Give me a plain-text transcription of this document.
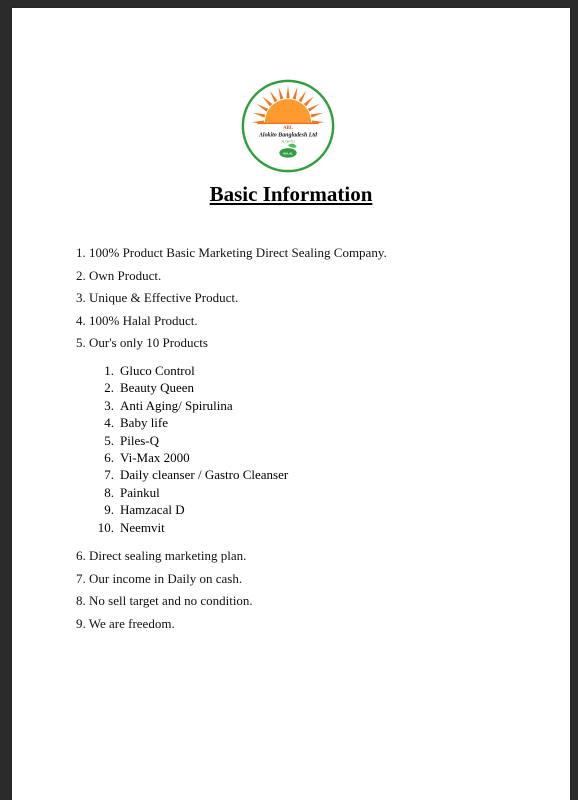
ABL
Alokito Bangladesh Ltd
ALOKITO
HALAL
Basic Information
1. 100% Product Basic Marketing Direct Sealing Company.
2. Own Product.
3. Unique & Effective Product.
4. 100% Halal Product.
5. Our's only 10 Products
1. Gluco Control
2. Beauty Queen
3. Anti Aging/ Spirulina
4. Baby life
5. Piles-Q
6. Vi-Max 2000
7. Daily cleanser / Gastro Cleanser
8. Painkul
9. Hamzacal D
10. Neemvit
6. Direct sealing marketing plan.
7. Our income in Daily on cash.
8. No sell target and no condition.
9. We are freedom.
